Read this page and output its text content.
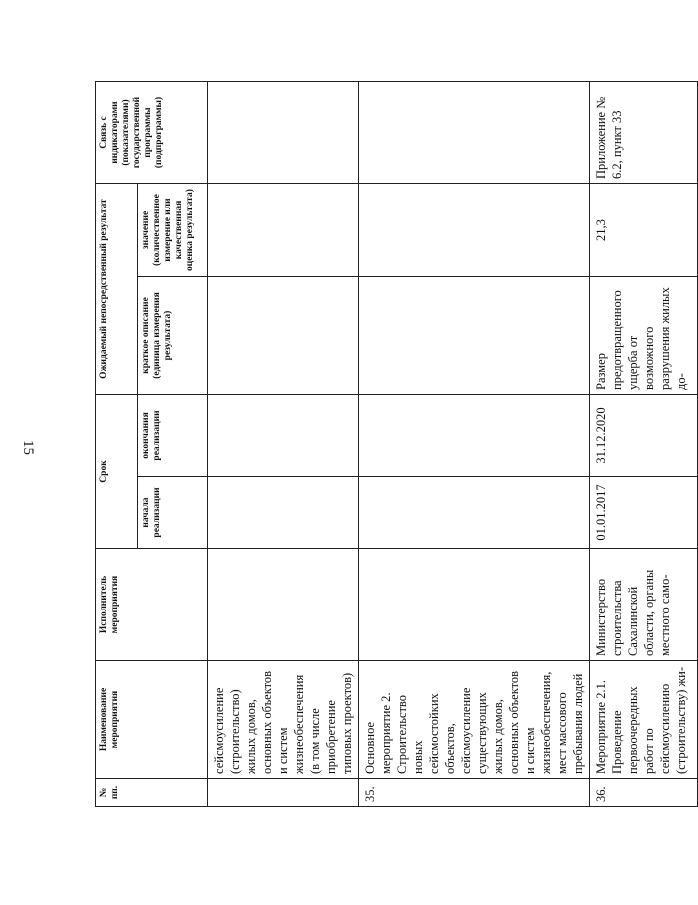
15
№ пп.	Наименование мероприятия	Исполнитель мероприятия	Срок		Ожидаемый непосредственный результат		Связь с индикаторами (показателями) государственной программы (подпрограммы)
			начала реализации	окончания реализации	краткое описание (единица измерения результата)	значение (количественное измерение или качественная оценка результата)	
	сейсмоусиление (строительство) жилых домов, основных объектов и систем жизнеобеспечения (в том числе приобретение типовых проектов)						
35.	Основное мероприятие 2. Строительство новых сейсмостойких объектов, сейсмоусиление существующих жилых домов, основных объектов и систем жизнеобеспечения, мест массового пребывания людей						
36.	Мероприятие 2.1. Проведение первоочередных работ по сейсмоусилению (строительству) жи-	Министерство строительства Сахалинской области, органы местного само-	01.01.2017	31.12.2020	Размер предотвращенного ущерба от возможного разрушения жилых до-	21,3	Приложение № 6.2, пункт 33
